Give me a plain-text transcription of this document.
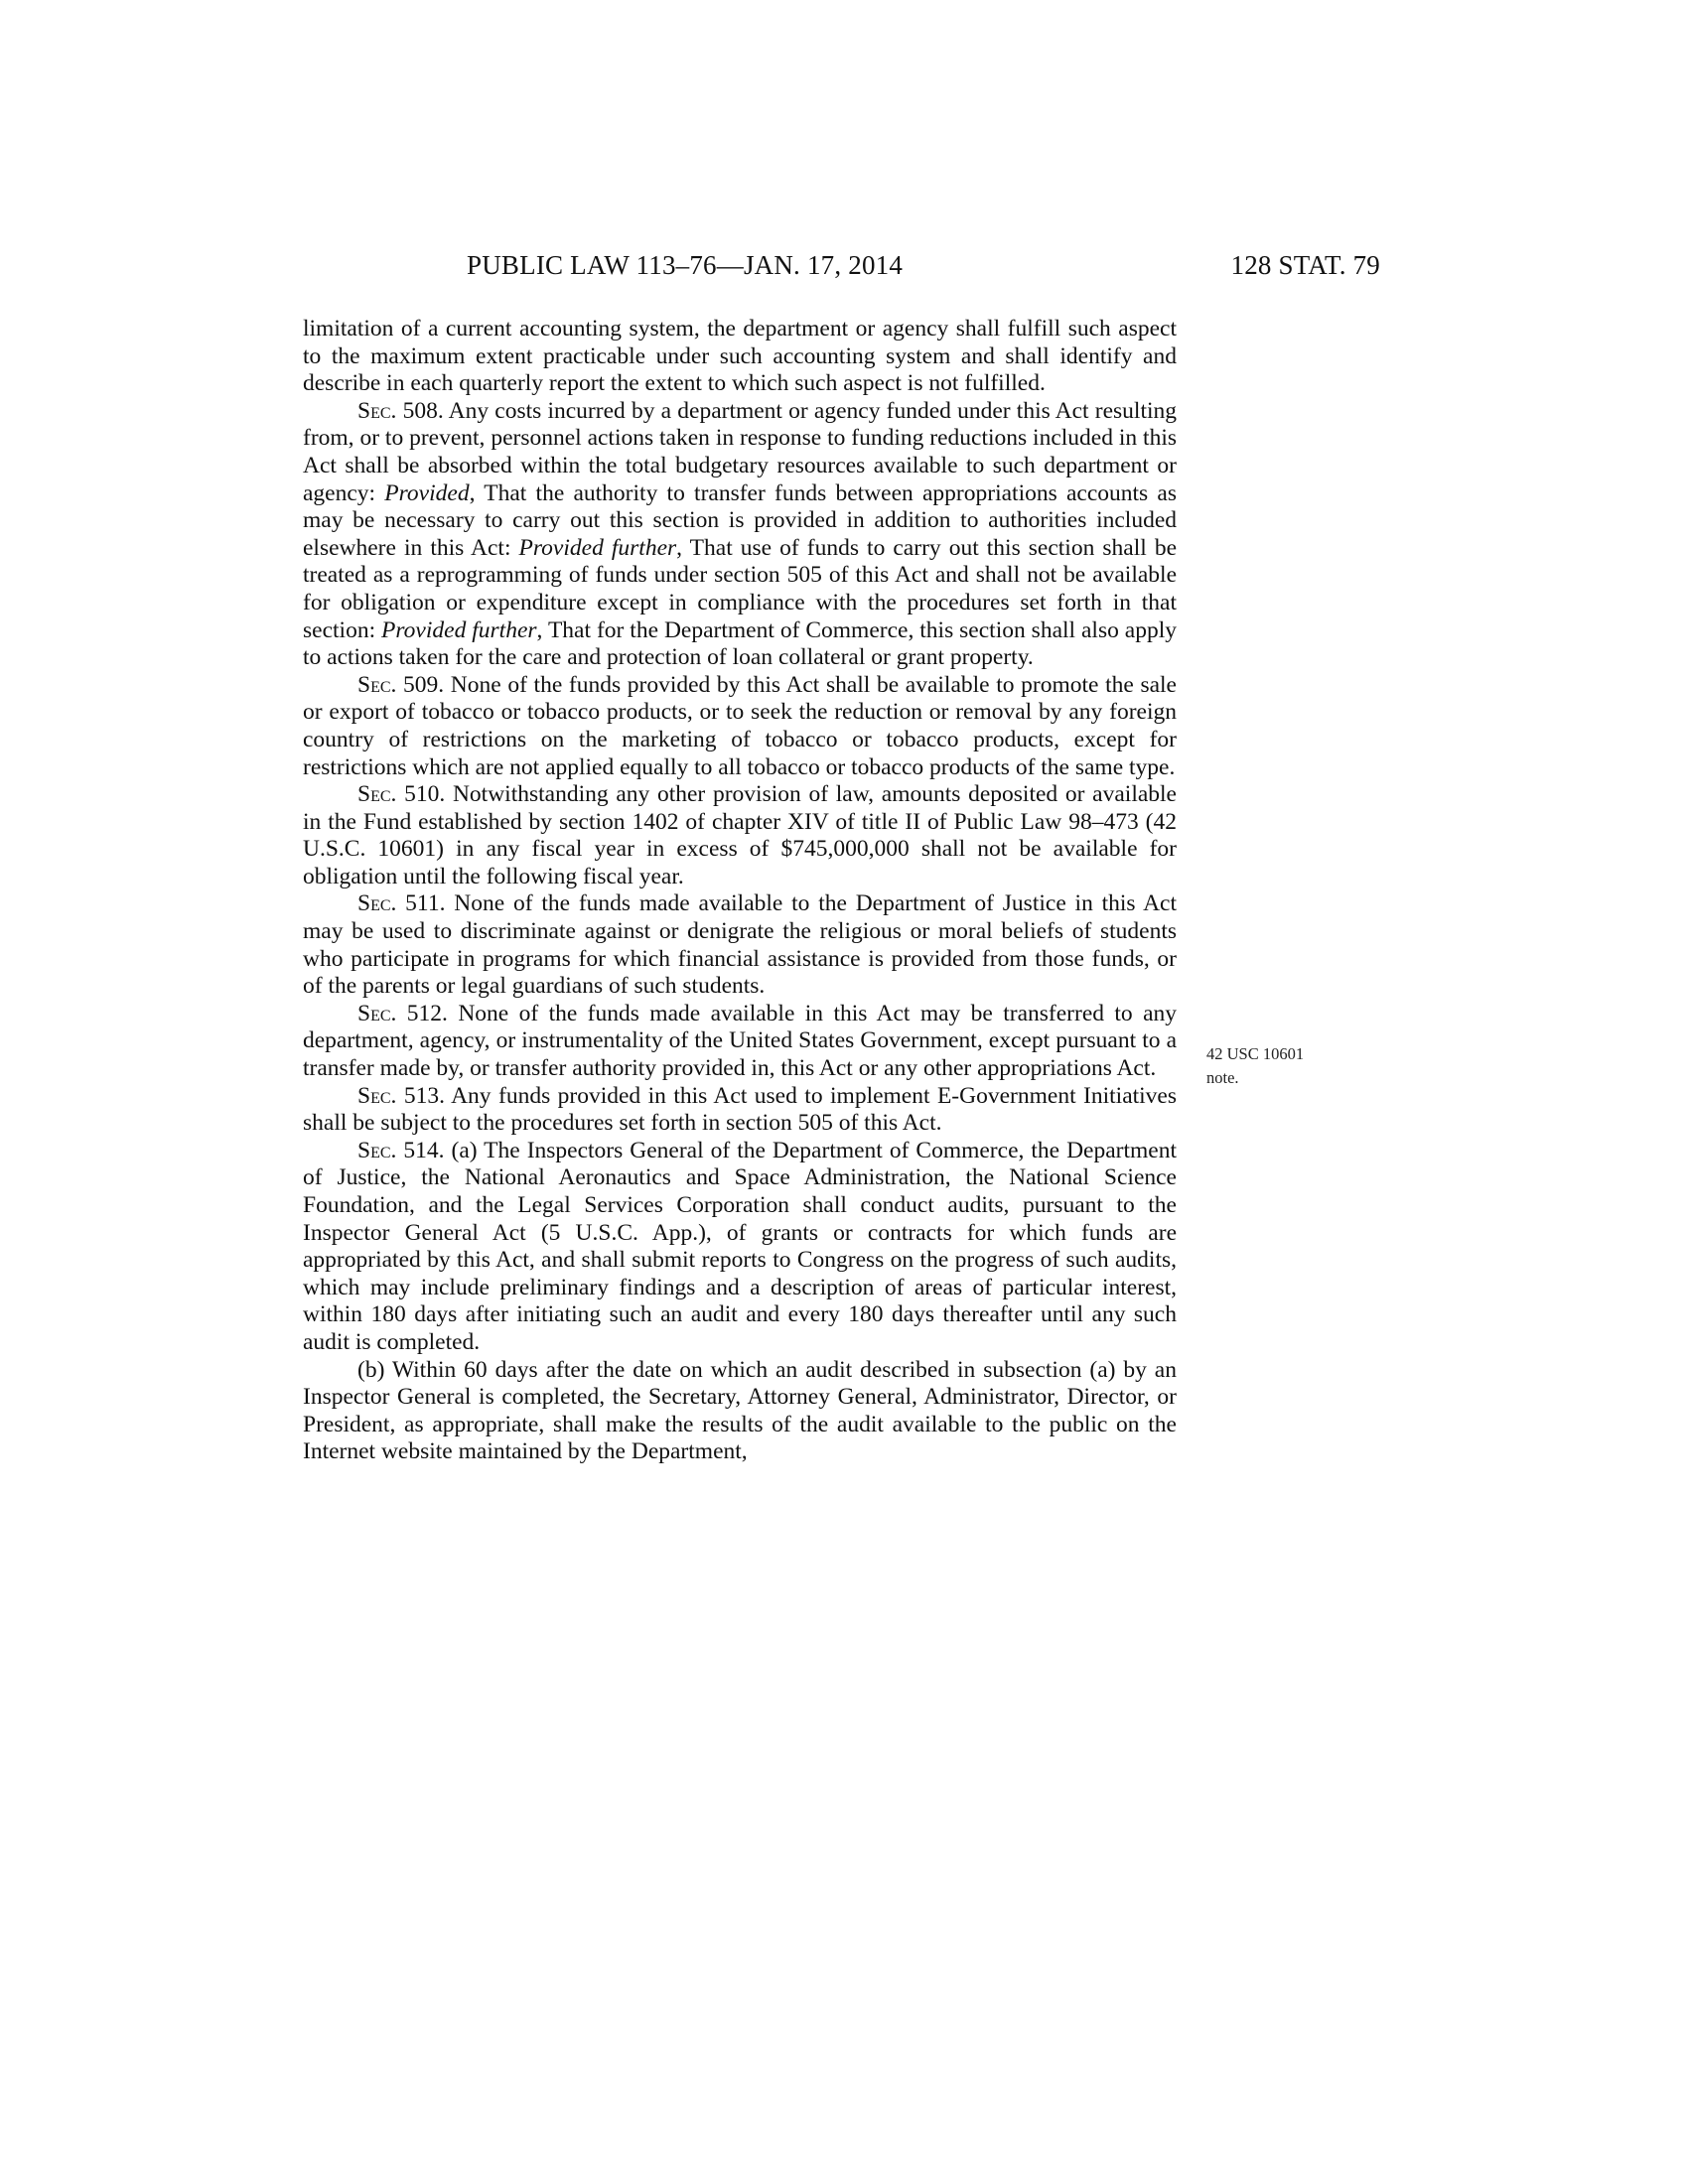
PUBLIC LAW 113–76—JAN. 17, 2014	128 STAT. 79

limitation of a current accounting system, the department or agency shall fulfill such aspect to the maximum extent practicable under such accounting system and shall identify and describe in each quarterly report the extent to which such aspect is not fulfilled.

Sec. 508. Any costs incurred by a department or agency funded under this Act resulting from, or to prevent, personnel actions taken in response to funding reductions included in this Act shall be absorbed within the total budgetary resources available to such department or agency: Provided, That the authority to transfer funds between appropriations accounts as may be necessary to carry out this section is provided in addition to authorities included elsewhere in this Act: Provided further, That use of funds to carry out this section shall be treated as a reprogramming of funds under section 505 of this Act and shall not be available for obligation or expenditure except in compliance with the procedures set forth in that section: Provided further, That for the Department of Commerce, this section shall also apply to actions taken for the care and protection of loan collateral or grant property.

Sec. 509. None of the funds provided by this Act shall be available to promote the sale or export of tobacco or tobacco products, or to seek the reduction or removal by any foreign country of restrictions on the marketing of tobacco or tobacco products, except for restrictions which are not applied equally to all tobacco or tobacco products of the same type.

Sec. 510. Notwithstanding any other provision of law, amounts deposited or available in the Fund established by section 1402 of chapter XIV of title II of Public Law 98–473 (42 U.S.C. 10601) in any fiscal year in excess of $745,000,000 shall not be available for obligation until the following fiscal year.

Sec. 511. None of the funds made available to the Department of Justice in this Act may be used to discriminate against or denigrate the religious or moral beliefs of students who participate in programs for which financial assistance is provided from those funds, or of the parents or legal guardians of such students.

Sec. 512. None of the funds made available in this Act may be transferred to any department, agency, or instrumentality of the United States Government, except pursuant to a transfer made by, or transfer authority provided in, this Act or any other appropriations Act.

Sec. 513. Any funds provided in this Act used to implement E-Government Initiatives shall be subject to the procedures set forth in section 505 of this Act.

Sec. 514. (a) The Inspectors General of the Department of Commerce, the Department of Justice, the National Aeronautics and Space Administration, the National Science Foundation, and the Legal Services Corporation shall conduct audits, pursuant to the Inspector General Act (5 U.S.C. App.), of grants or contracts for which funds are appropriated by this Act, and shall submit reports to Congress on the progress of such audits, which may include preliminary findings and a description of areas of particular interest, within 180 days after initiating such an audit and every 180 days thereafter until any such audit is completed.

(b) Within 60 days after the date on which an audit described in subsection (a) by an Inspector General is completed, the Secretary, Attorney General, Administrator, Director, or President, as appropriate, shall make the results of the audit available to the public on the Internet website maintained by the Department,

42 USC 10601
note.
